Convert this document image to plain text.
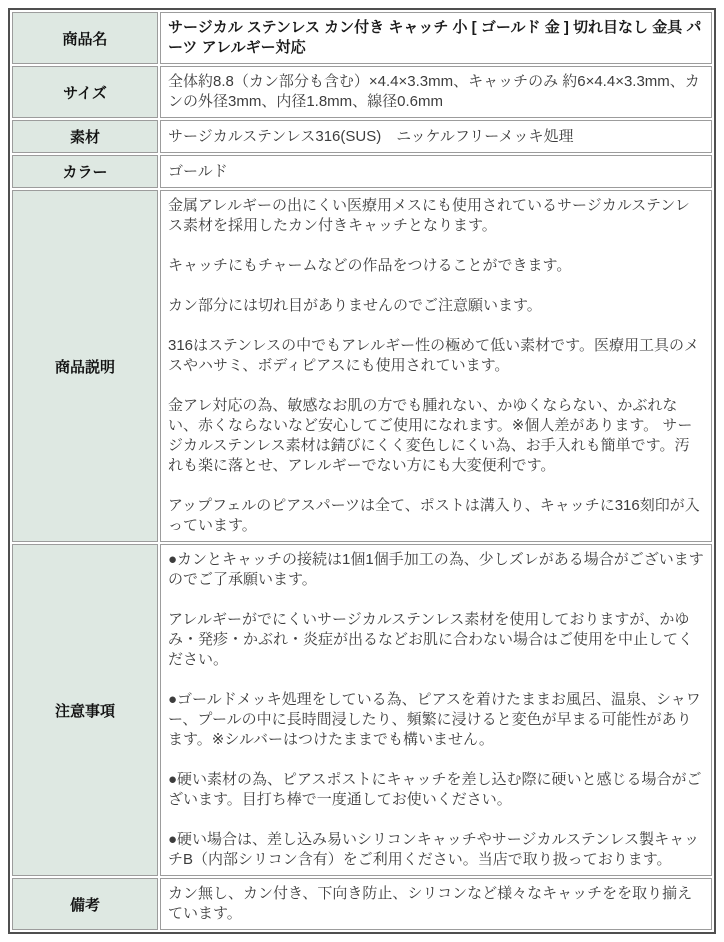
商品名	サージカル ステンレス カン付き キャッチ 小 [ ゴールド 金 ] 切れ目なし 金具 パーツ アレルギー対応

サイズ	全体約8.8（カン部分も含む）×4.4×3.3mm、キャッチのみ 約6×4.4×3.3mm、カンの外径3mm、内径1.8mm、線径0.6mm

素材	サージカルステンレス316(SUS)　ニッケルフリーメッキ処理

カラー	ゴールド

商品説明	

金属アレルギーの出にくい医療用メスにも使用されているサージカルステンレス素材を採用したカン付きキャッチとなります。

キャッチにもチャームなどの作品をつけることができます。

カン部分には切れ目がありませんのでご注意願います。

316はステンレスの中でもアレルギー性の極めて低い素材です。医療用工具のメスやハサミ、ボディピアスにも使用されています。

金アレ対応の為、敏感なお肌の方でも腫れない、かゆくならない、かぶれない、赤くならないなど安心してご使用になれます。※個人差があります。 サージカルステンレス素材は錆びにくく変色しにくい為、お手入れも簡単です。汚れも楽に落とせ、アレルギーでない方にも大変便利です。

アップフェルのピアスパーツは全て、ポストは溝入り、キャッチに316刻印が入っています。

注意事項	●カンとキャッチの接続は1個1個手加工の為、少しズレがある場合がございますのでご了承願います。

アレルギーがでにくいサージカルステンレス素材を使用しておりますが、かゆみ・発疹・かぶれ・炎症が出るなどお肌に合わない場合はご使用を中止してください。

●ゴールドメッキ処理をしている為、ピアスを着けたままお風呂、温泉、シャワー、プールの中に長時間浸したり、頻繁に浸けると変色が早まる可能性があります。※シルバーはつけたままでも構いません。

●硬い素材の為、ピアスポストにキャッチを差し込む際に硬いと感じる場合がございます。目打ち棒で一度通してお使いください。

●硬い場合は、差し込み易いシリコンキャッチやサージカルステンレス製キャッチB（内部シリコン含有）をご利用ください。当店で取り扱っております。

備考	カン無し、カン付き、下向き防止、シリコンなど様々なキャッチをを取り揃えています。
